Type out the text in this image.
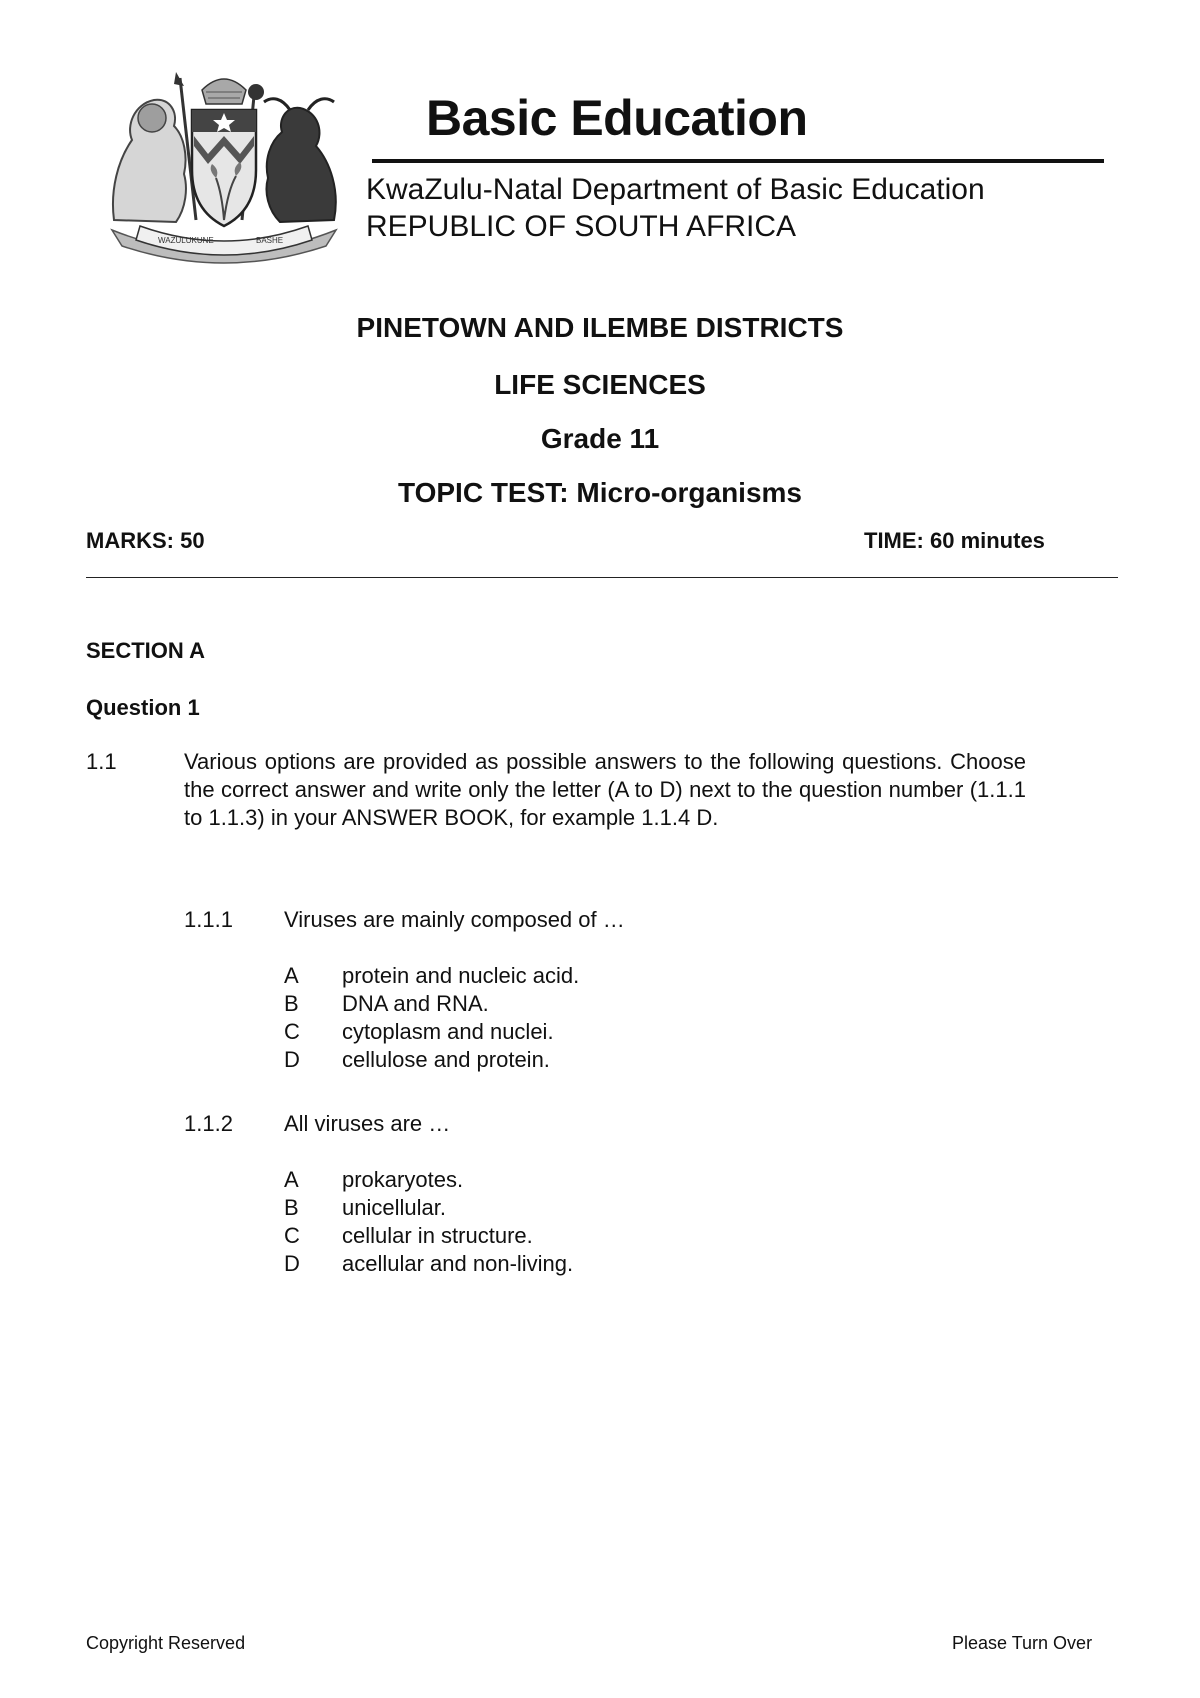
WAZULUKUNE	BASHE
Basic Education
KwaZulu-Natal Department of Basic Education
REPUBLIC OF SOUTH AFRICA
PINETOWN AND ILEMBE DISTRICTS
LIFE SCIENCES
Grade 11
TOPIC TEST: Micro-organisms
MARKS: 50	TIME: 60 minutes
SECTION A
Question 1
1.1	Various options are provided as possible answers to the following questions. Choose the correct answer and write only the letter (A to D) next to the question number (1.1.1 to 1.1.3) in your ANSWER BOOK, for example 1.1.4 D.
1.1.1 Viruses are mainly composed of …
A protein and nucleic acid.
B DNA and RNA.
C cytoplasm and nuclei.
D cellulose and protein.
1.1.2 All viruses are …
A prokaryotes.
B unicellular.
C cellular in structure.
D acellular and non-living.
Copyright Reserved	Please Turn Over
